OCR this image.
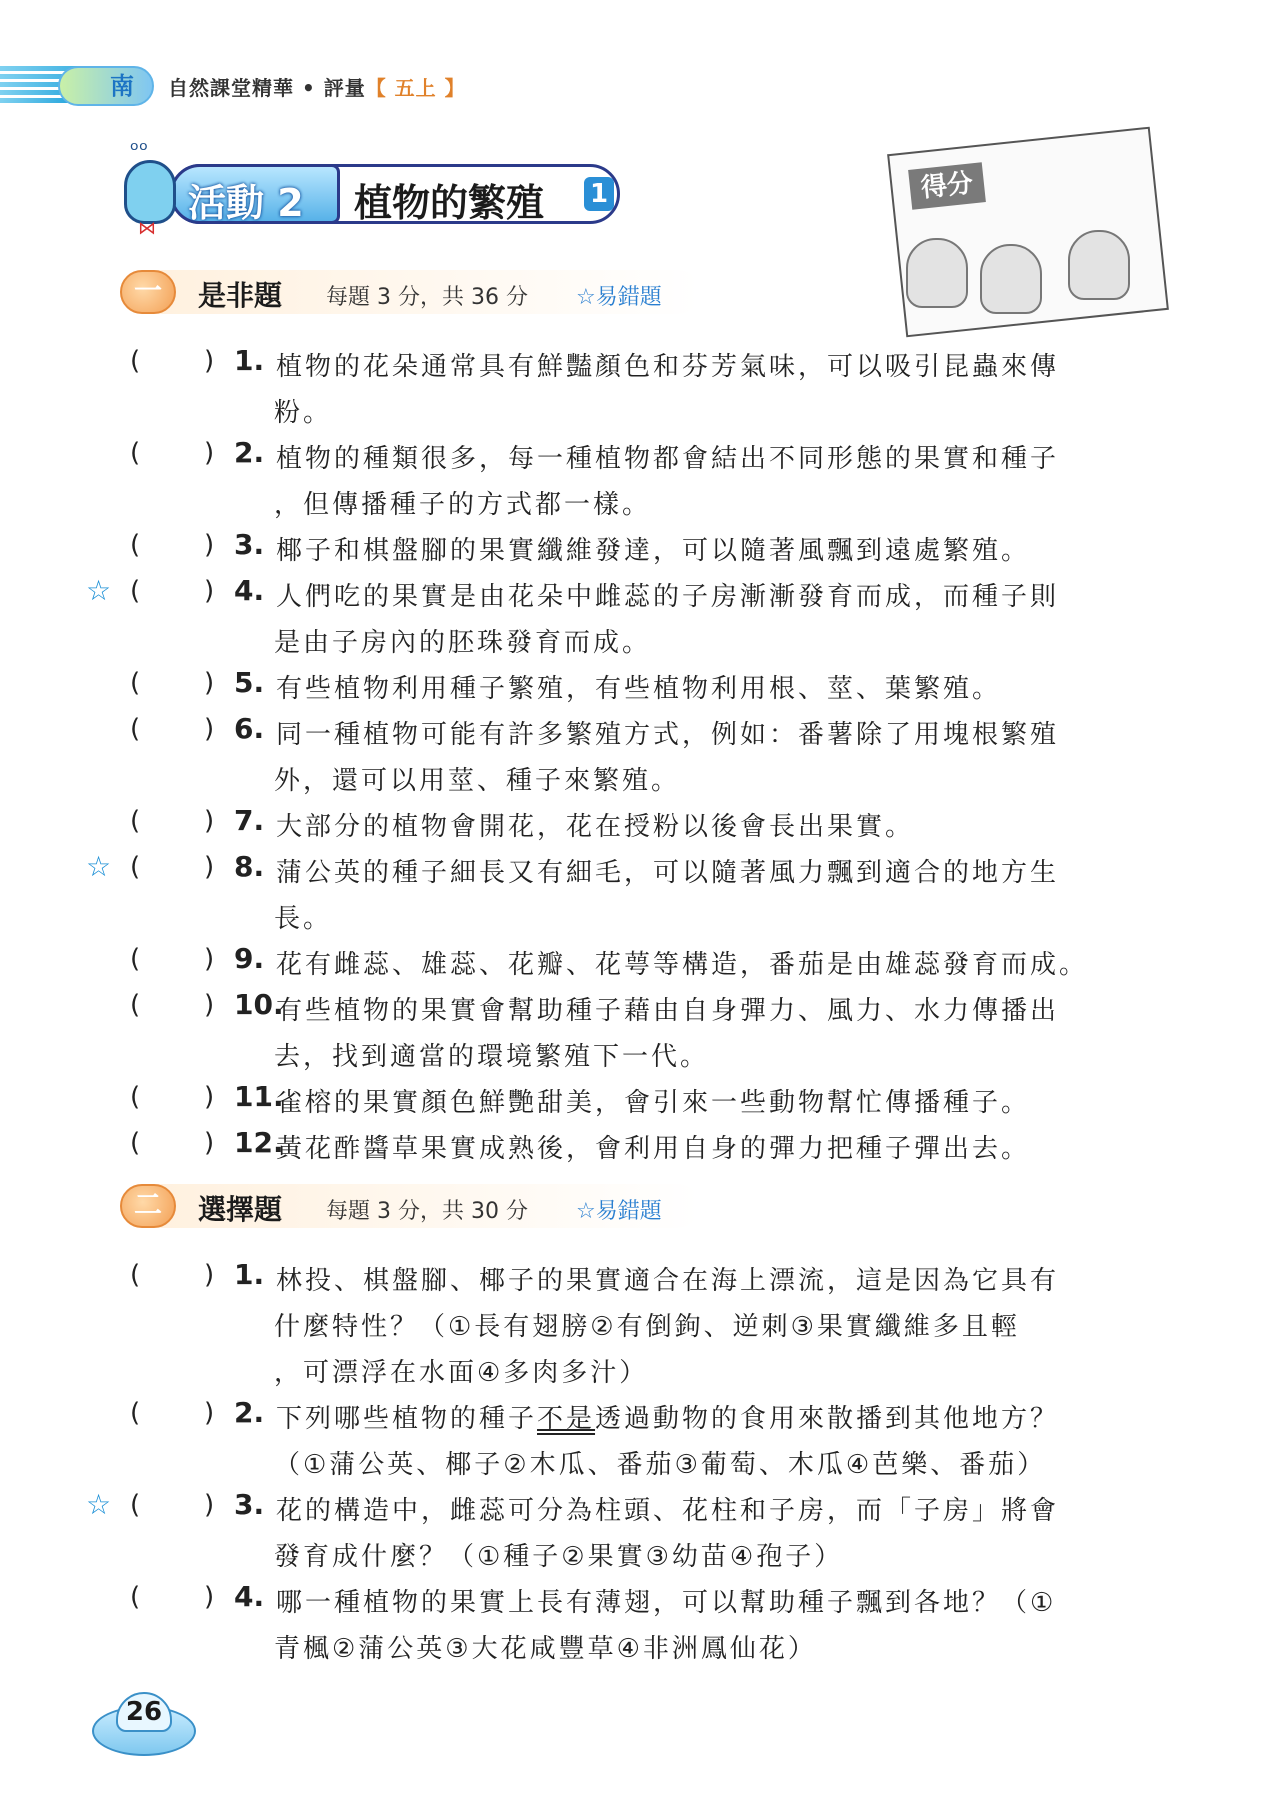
南	自然課堂精華 • 評量【 五上 】
ᵒᵒ
⋈
活動 2 植物的繁殖 1	得分
一	是非題 每題 3 分，共 36 分 ☆易錯題
( ) 1. 植物的花朵通常具有鮮豔顏色和芬芳氣味，可以吸引昆蟲來傳
粉。
( ) 2. 植物的種類很多，每一種植物都會結出不同形態的果實和種子
，但傳播種子的方式都一樣。
( ) 3. 椰子和棋盤腳的果實纖維發達，可以隨著風飄到遠處繁殖。
☆ ( ) 4. 人們吃的果實是由花朵中雌蕊的子房漸漸發育而成，而種子則
是由子房內的胚珠發育而成。
( ) 5. 有些植物利用種子繁殖，有些植物利用根、莖、葉繁殖。
( ) 6. 同一種植物可能有許多繁殖方式，例如：番薯除了用塊根繁殖
外，還可以用莖、種子來繁殖。
( ) 7. 大部分的植物會開花，花在授粉以後會長出果實。
☆ ( ) 8. 蒲公英的種子細長又有細毛，可以隨著風力飄到適合的地方生
長。
( ) 9. 花有雌蕊、雄蕊、花瓣、花萼等構造，番茄是由雄蕊發育而成。
( ) 10.
有些植物的果實會幫助種子藉由自身彈力、風力、水力傳播出
去，找到適當的環境繁殖下一代。
( ) 11.
雀榕的果實顏色鮮艷甜美，會引來一些動物幫忙傳播種子。
( ) 12.
黃花酢醬草果實成熟後，會利用自身的彈力把種子彈出去。
二	選擇題 每題 3 分，共 30 分 ☆易錯題
( ) 1. 林投、棋盤腳、椰子的果實適合在海上漂流，這是因為它具有
什麼特性？（①長有翅膀②有倒鉤、逆刺③果實纖維多且輕
，可漂浮在水面④多肉多汁）
( ) 2. 下列哪些植物的種子不是透過動物的食用來散播到其他地方？
（①蒲公英、椰子②木瓜、番茄③葡萄、木瓜④芭樂、番茄）
☆ ( ) 3. 花的構造中，雌蕊可分為柱頭、花柱和子房，而「子房」將會
發育成什麼？（①種子②果實③幼苗④孢子）
( ) 4. 哪一種植物的果實上長有薄翅，可以幫助種子飄到各地？（①
青楓②蒲公英③大花咸豐草④非洲鳳仙花）
26
